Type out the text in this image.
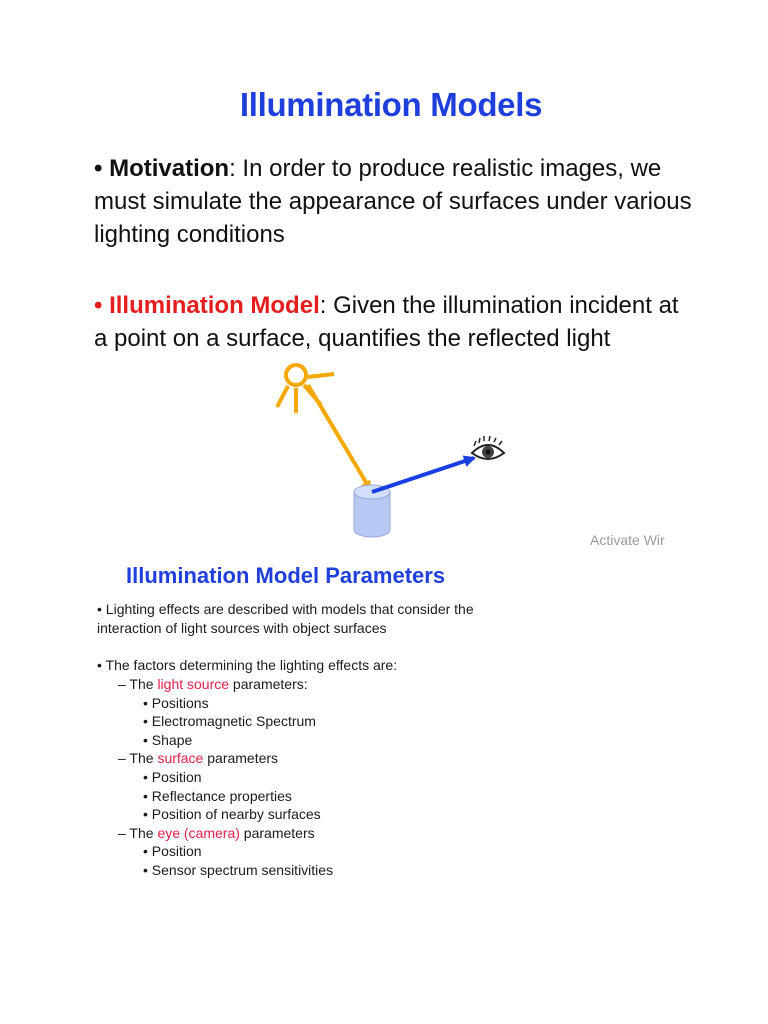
Illumination Models
• Motivation: In order to produce realistic images, we must simulate the appearance of surfaces under various lighting conditions
• Illumination Model: Given the illumination incident at a point on a surface, quantifies the reflected light
Activate Wir
Illumination Model Parameters
• Lighting effects are described with models that consider the interaction of light sources with object surfaces
• The factors determining the lighting effects are:
– The light source parameters:
• Positions
• Electromagnetic Spectrum
• Shape
– The surface parameters
• Position
• Reflectance properties
• Position of nearby surfaces
– The eye (camera) parameters
• Position
• Sensor spectrum sensitivities
